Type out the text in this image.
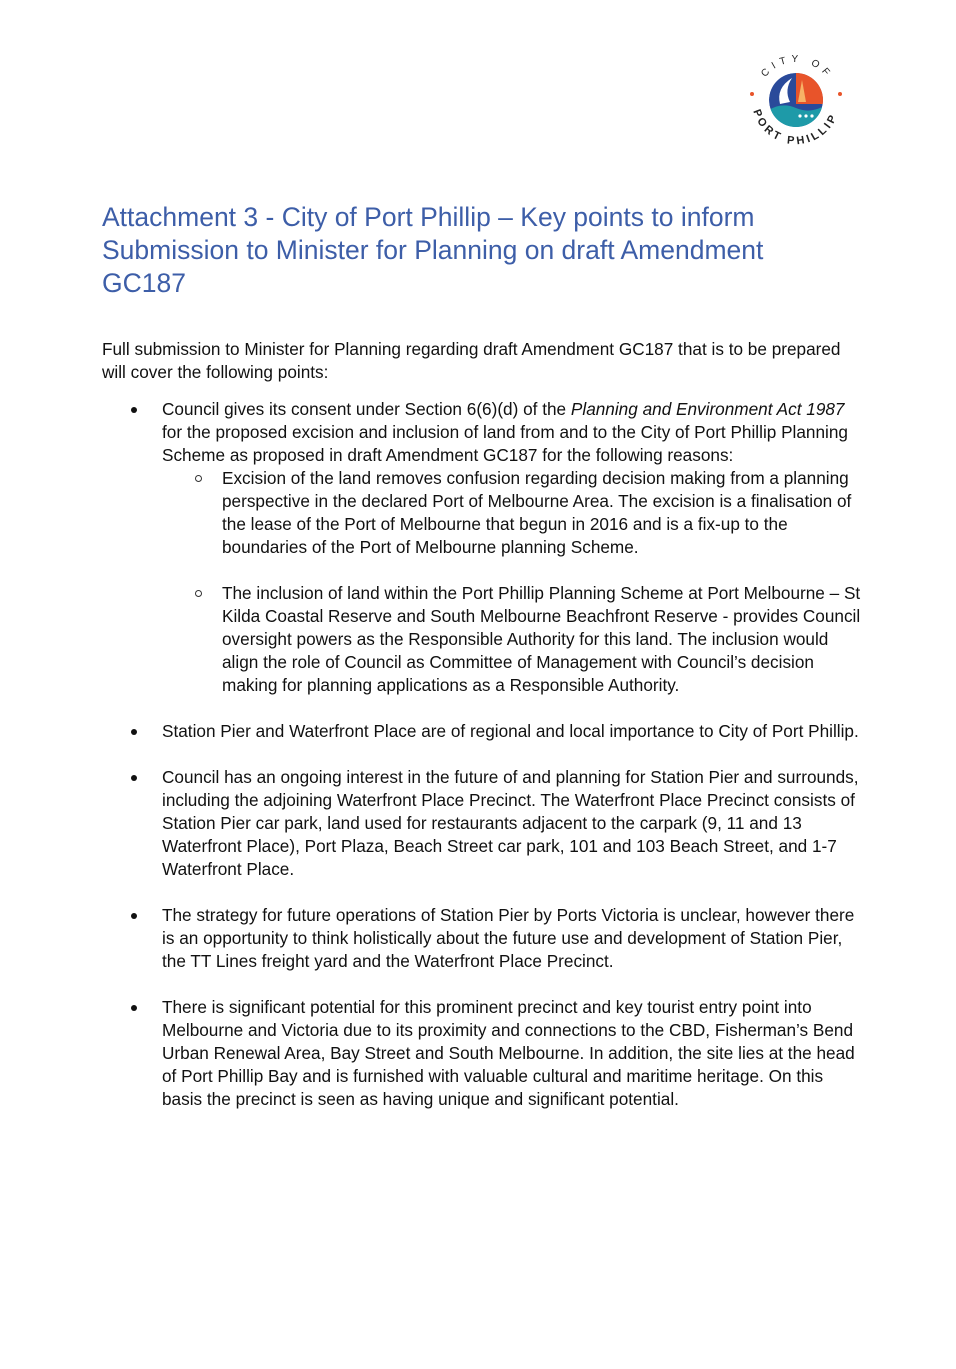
CITY OF
PORT PHILLIP
Attachment 3 - City of Port Phillip – Key points to inform Submission to Minister for Planning on draft Amendment GC187

Full submission to Minister for Planning regarding draft Amendment GC187 that is to be prepared will cover the following points:

Council gives its consent under Section 6(6)(d) of the Planning and Environment Act 1987 for the proposed excision and inclusion of land from and to the City of Port Phillip Planning Scheme as proposed in draft Amendment GC187 for the following reasons:
Excision of the land removes confusion regarding decision making from a planning perspective in the declared Port of Melbourne Area. The excision is a finalisation of the lease of the Port of Melbourne that begun in 2016 and is a fix-up to the boundaries of the Port of Melbourne planning Scheme.
The inclusion of land within the Port Phillip Planning Scheme at Port Melbourne – St Kilda Coastal Reserve and South Melbourne Beachfront Reserve - provides Council oversight powers as the Responsible Authority for this land. The inclusion would align the role of Council as Committee of Management with Council’s decision making for planning applications as a Responsible Authority.
Station Pier and Waterfront Place are of regional and local importance to City of Port Phillip.
Council has an ongoing interest in the future of and planning for Station Pier and surrounds, including the adjoining Waterfront Place Precinct. The Waterfront Place Precinct consists of Station Pier car park, land used for restaurants adjacent to the carpark (9, 11 and 13 Waterfront Place), Port Plaza, Beach Street car park, 101 and 103 Beach Street, and 1-7 Waterfront Place.
The strategy for future operations of Station Pier by Ports Victoria is unclear, however there is an opportunity to think holistically about the future use and development of Station Pier, the TT Lines freight yard and the Waterfront Place Precinct.
There is significant potential for this prominent precinct and key tourist entry point into Melbourne and Victoria due to its proximity and connections to the CBD, Fisherman’s Bend Urban Renewal Area, Bay Street and South Melbourne. In addition, the site lies at the head of Port Phillip Bay and is furnished with valuable cultural and maritime heritage. On this basis the precinct is seen as having unique and significant potential.
